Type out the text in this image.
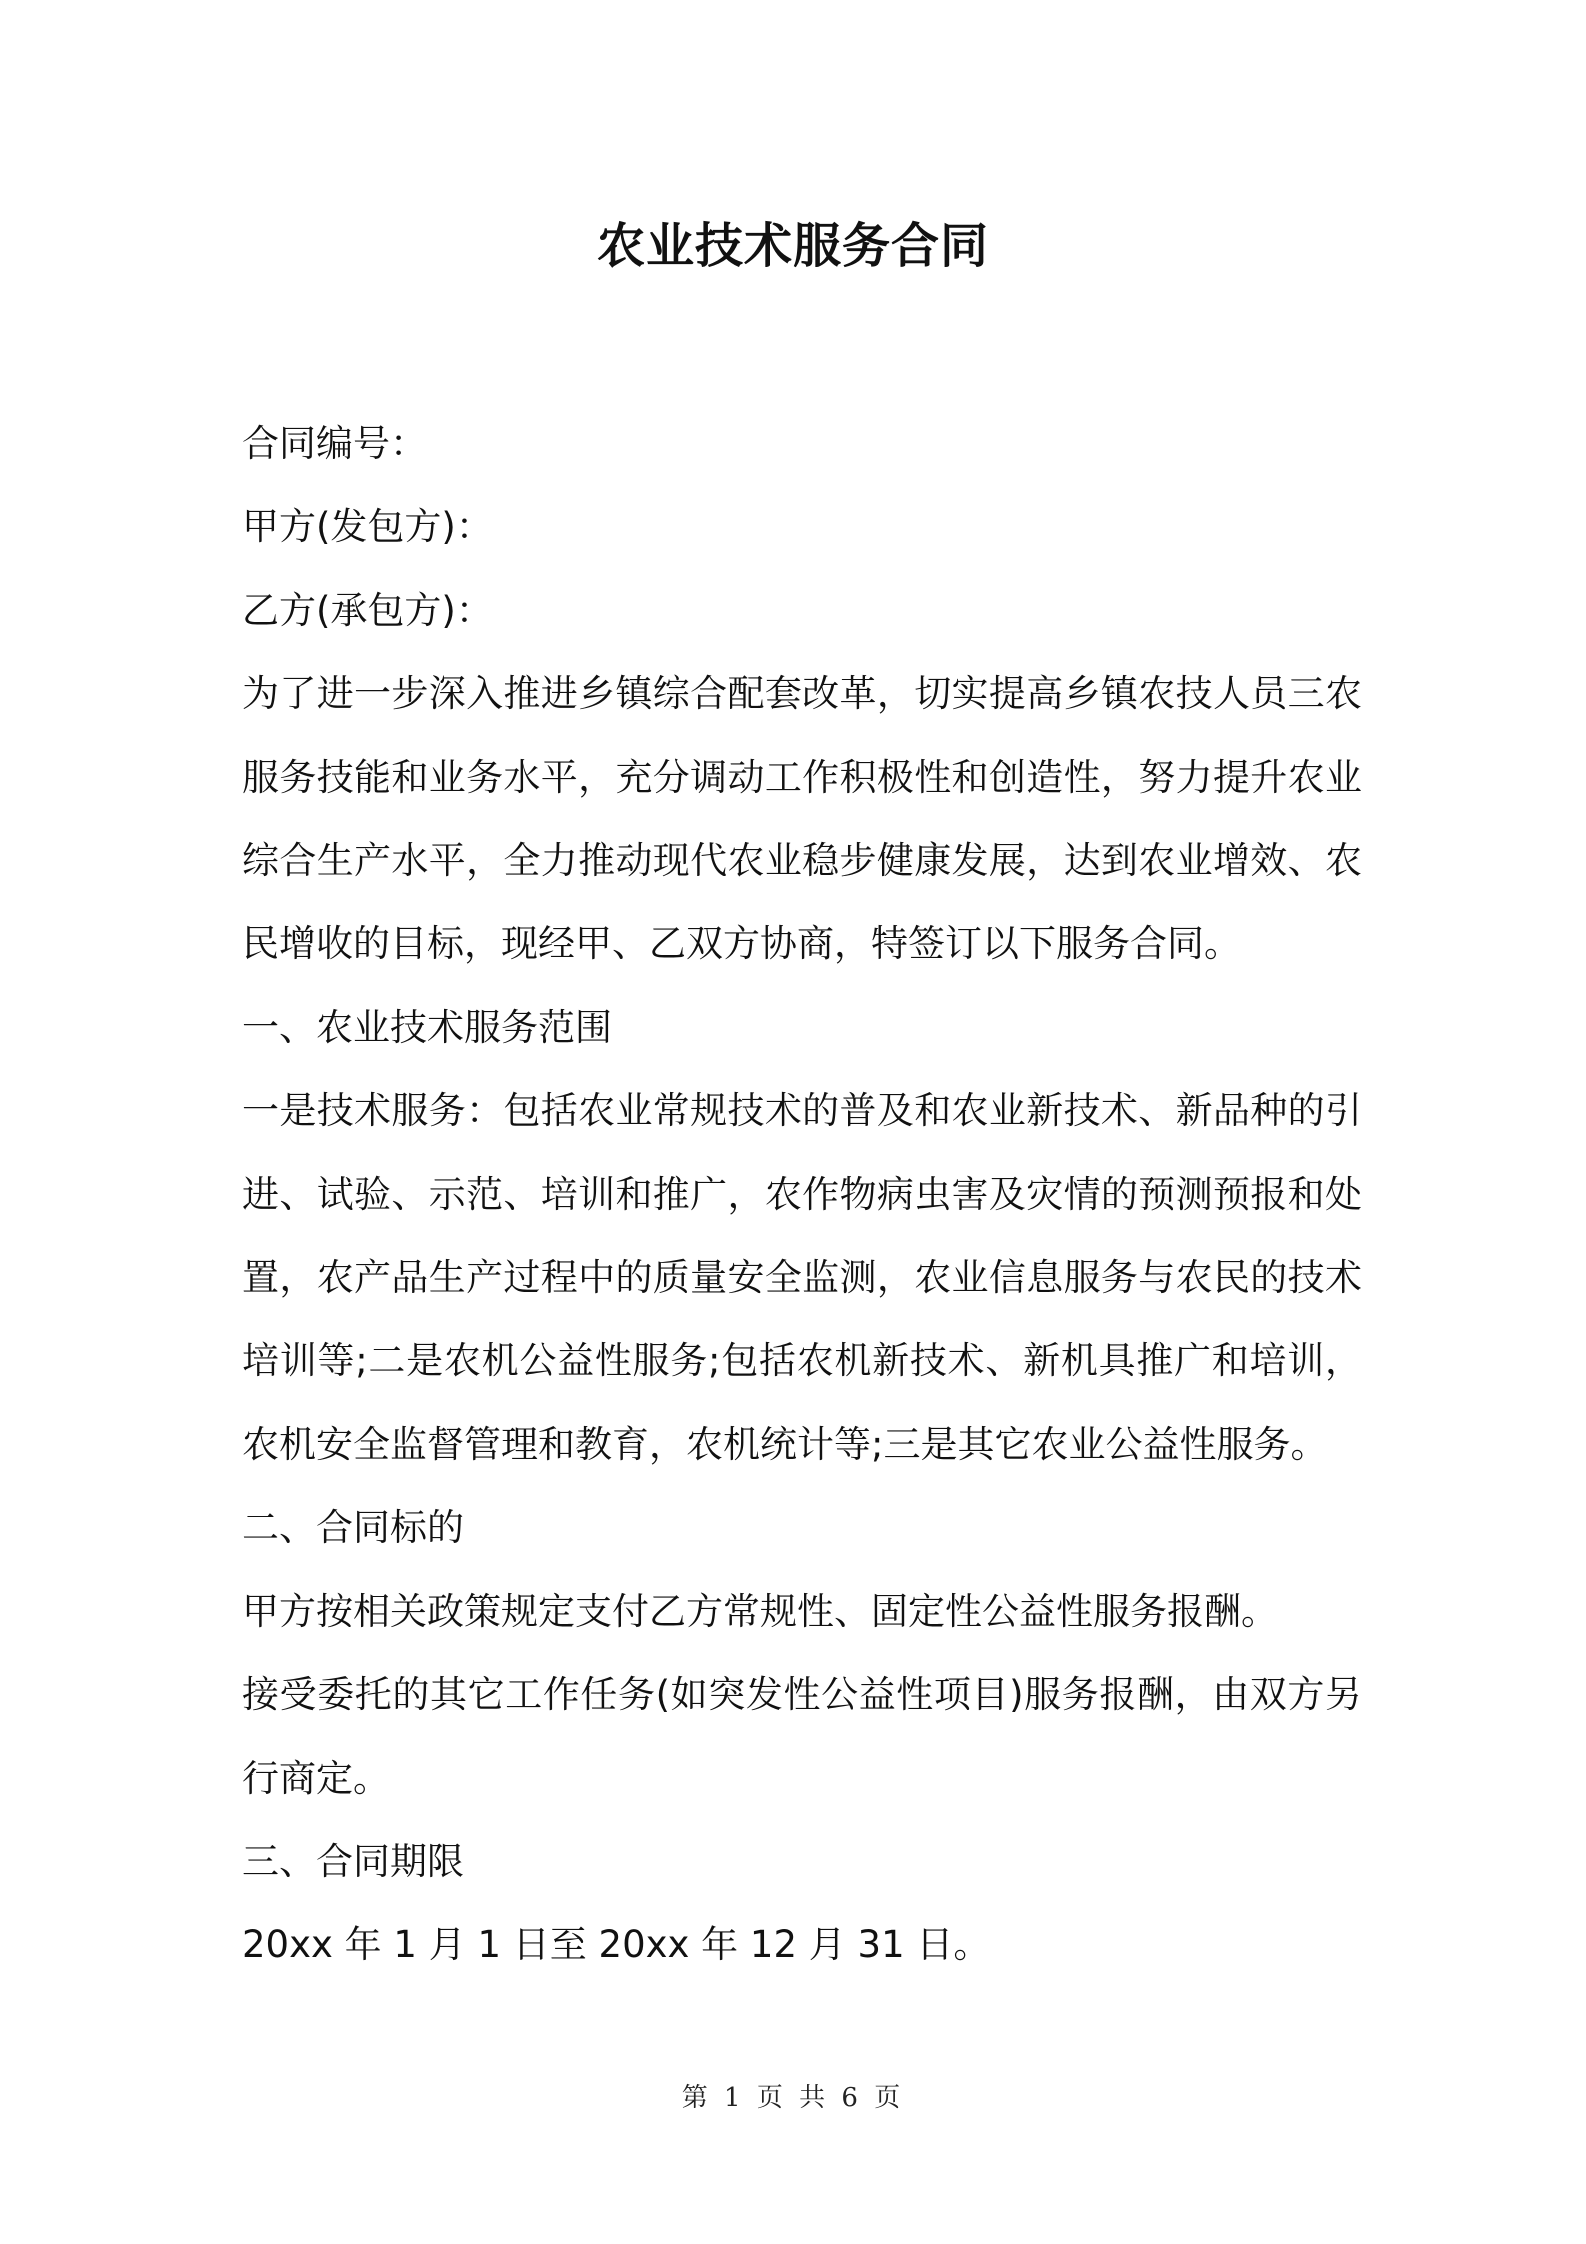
农业技术服务合同

合同编号：

甲方(发包方)：

乙方(承包方)：

为了进一步深入推进乡镇综合配套改革，切实提高乡镇农技人员三农服务技能和业务水平，充分调动工作积极性和创造性，努力提升农业综合生产水平，全力推动现代农业稳步健康发展，达到农业增效、农民增收的目标，现经甲、乙双方协商，特签订以下服务合同。

一、农业技术服务范围

一是技术服务：包括农业常规技术的普及和农业新技术、新品种的引进、试验、示范、培训和推广，农作物病虫害及灾情的预测预报和处置，农产品生产过程中的质量安全监测，农业信息服务与农民的技术培训等;二是农机公益性服务;包括农机新技术、新机具推广和培训，农机安全监督管理和教育，农机统计等;三是其它农业公益性服务。

二、合同标的

甲方按相关政策规定支付乙方常规性、固定性公益性服务报酬。

接受委托的其它工作任务(如突发性公益性项目)服务报酬，由双方另行商定。

三、合同期限

20xx 年 1 月 1 日至 20xx 年 12 月 31 日。

第 1 页 共 6 页
